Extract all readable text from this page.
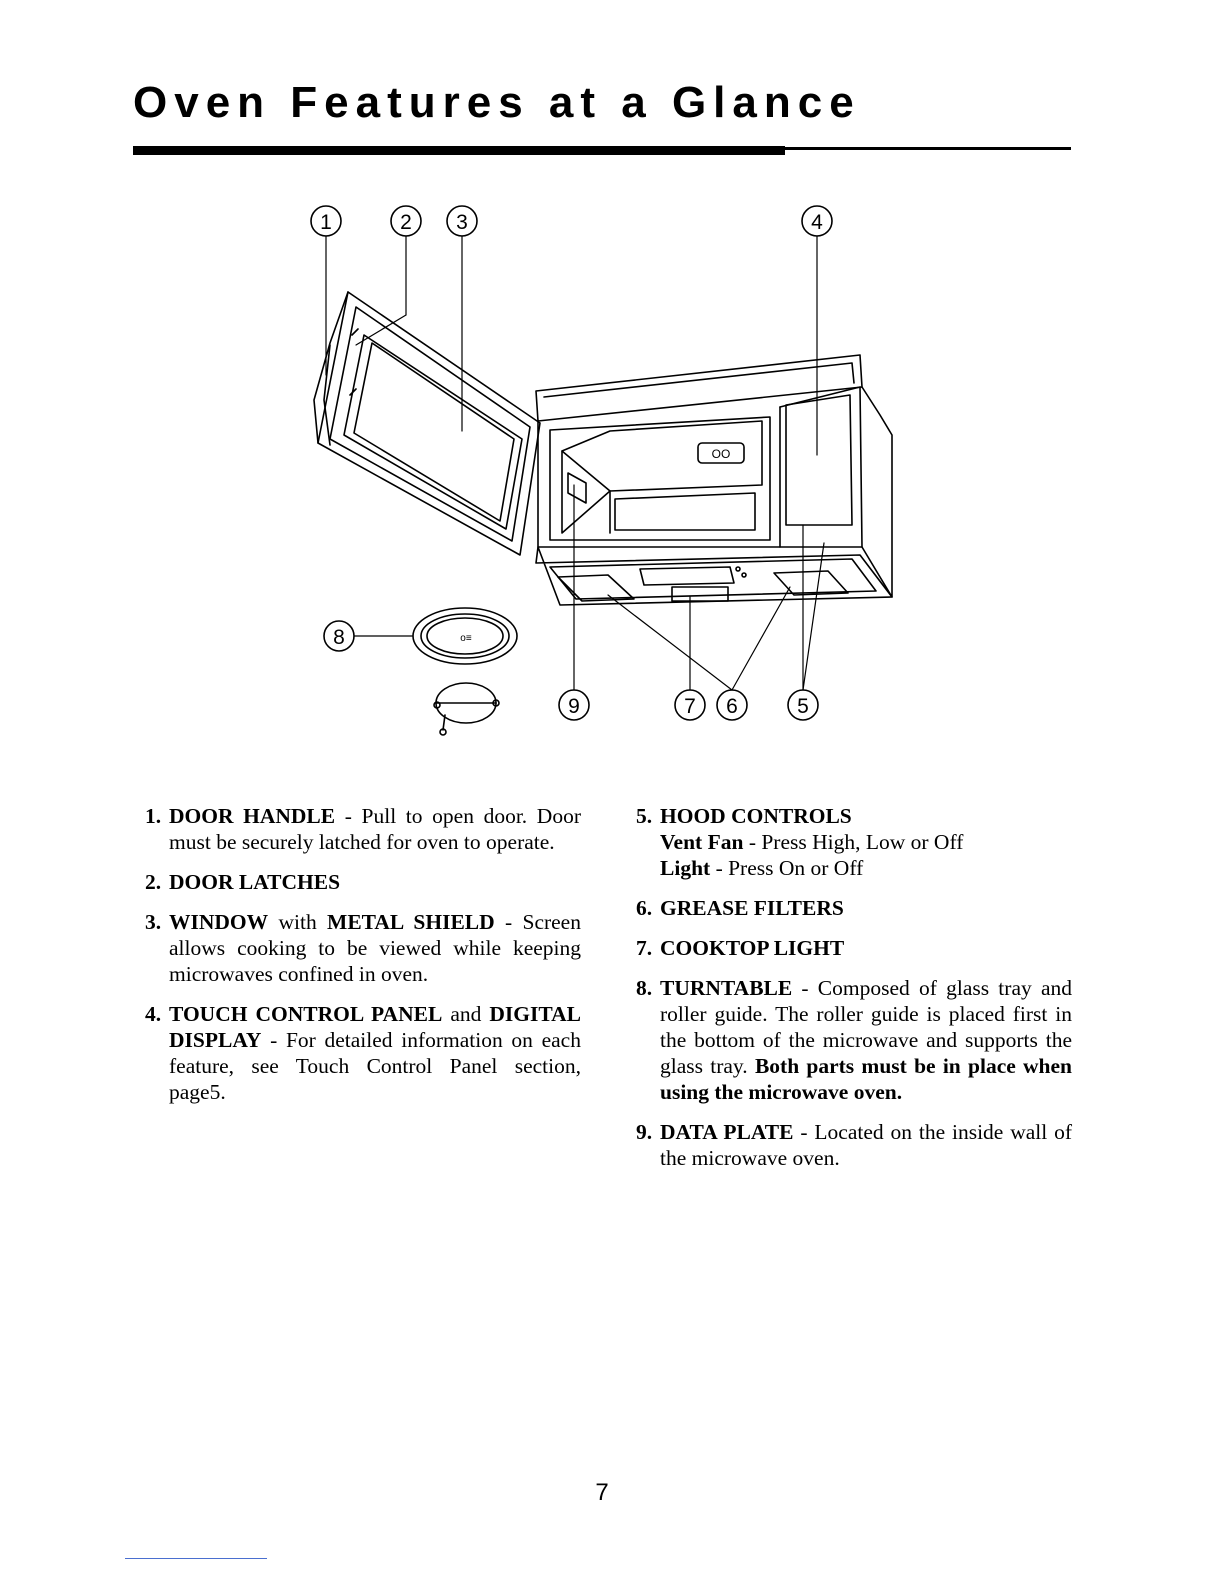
Oven Features at a Glance
1	2 3	4
8
9	7 6	5
OO
o≡
1. DOOR HANDLE - Pull to open door. Door must be securely latched for oven to operate.
2. DOOR LATCHES
3. WINDOW with METAL SHIELD - Screen allows cooking to be viewed while keeping microwaves confined in oven.
4. TOUCH CONTROL PANEL and DIGITAL DISPLAY - For detailed information on each feature, see Touch Control Panel section, page5.
5. HOOD CONTROLS
Vent Fan - Press High, Low or Off
Light - Press On or Off
6. GREASE FILTERS
7. COOKTOP LIGHT
8. TURNTABLE - Composed of glass tray and roller guide. The roller guide is placed first in the bottom of the microwave and supports the glass tray. Both parts must be in place when using the microwave oven.
9. DATA PLATE - Located on the inside wall of the microwave oven.
7
